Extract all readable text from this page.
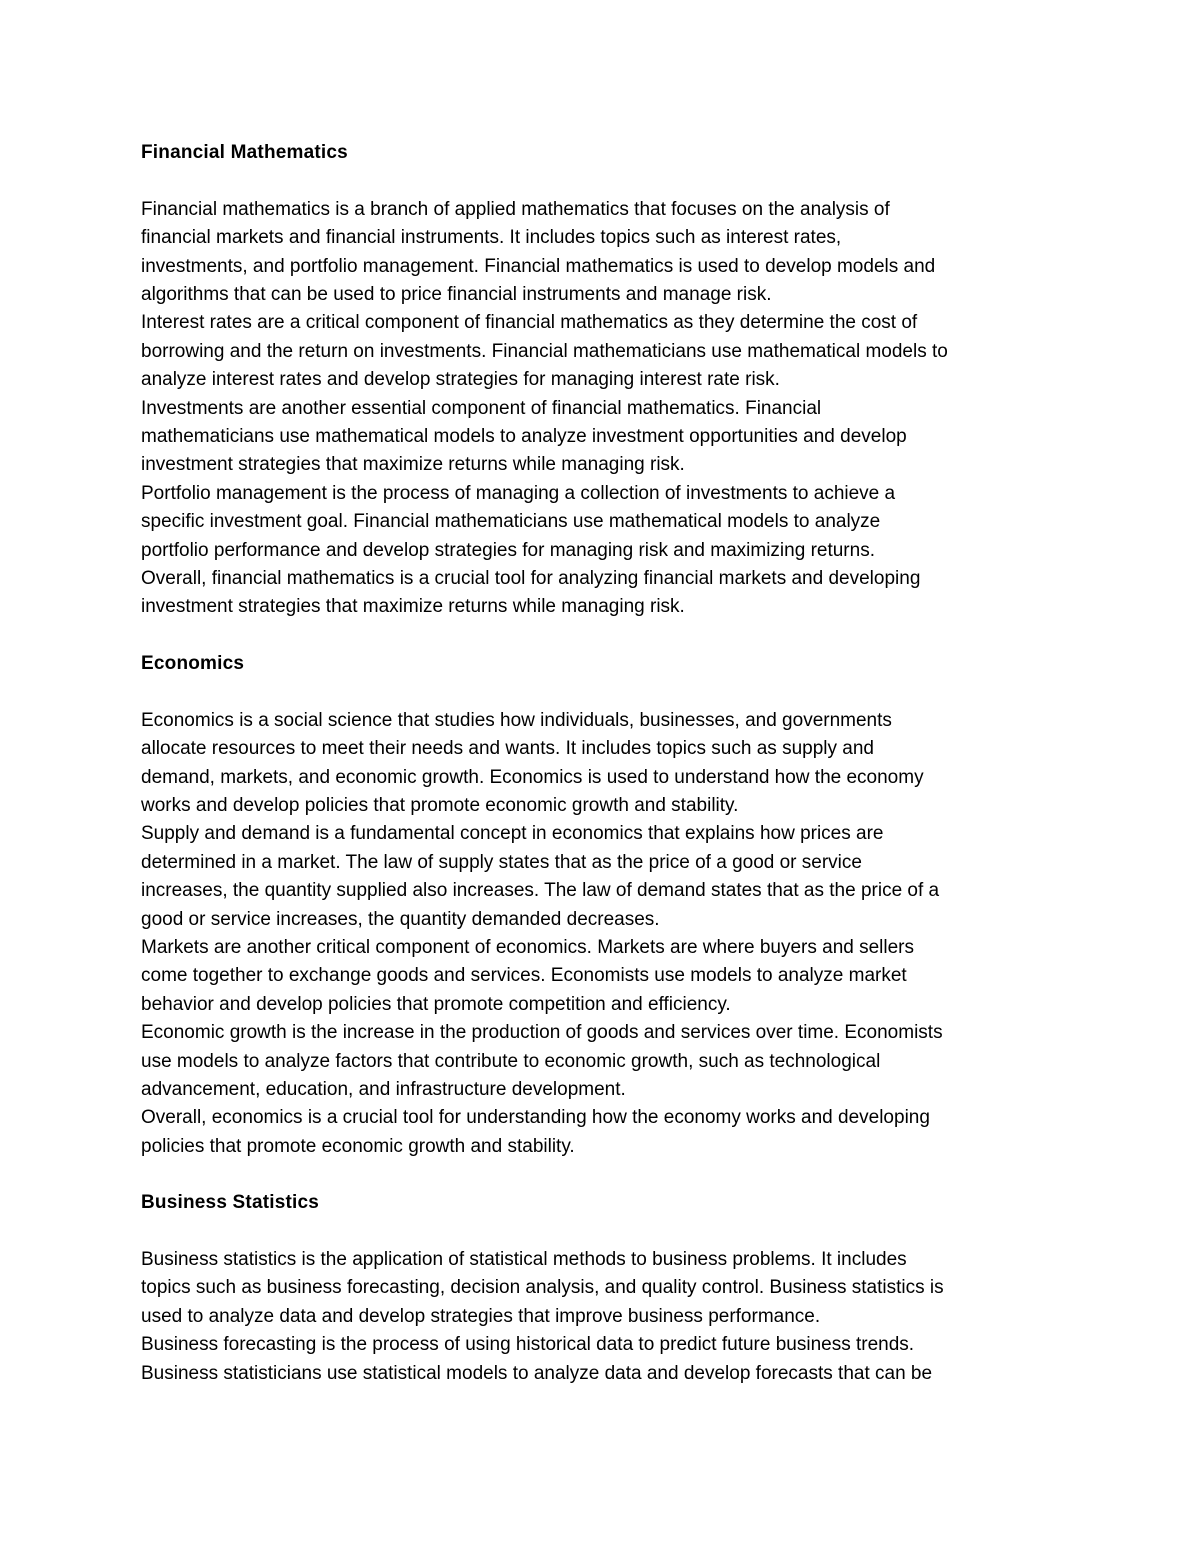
Financial Mathematics
Financial mathematics is a branch of applied mathematics that focuses on the analysis of
financial markets and financial instruments. It includes topics such as interest rates,
investments, and portfolio management. Financial mathematics is used to develop models and
algorithms that can be used to price financial instruments and manage risk.
Interest rates are a critical component of financial mathematics as they determine the cost of
borrowing and the return on investments. Financial mathematicians use mathematical models to
analyze interest rates and develop strategies for managing interest rate risk.
Investments are another essential component of financial mathematics. Financial
mathematicians use mathematical models to analyze investment opportunities and develop
investment strategies that maximize returns while managing risk.
Portfolio management is the process of managing a collection of investments to achieve a
specific investment goal. Financial mathematicians use mathematical models to analyze
portfolio performance and develop strategies for managing risk and maximizing returns.
Overall, financial mathematics is a crucial tool for analyzing financial markets and developing
investment strategies that maximize returns while managing risk.
Economics
Economics is a social science that studies how individuals, businesses, and governments
allocate resources to meet their needs and wants. It includes topics such as supply and
demand, markets, and economic growth. Economics is used to understand how the economy
works and develop policies that promote economic growth and stability.
Supply and demand is a fundamental concept in economics that explains how prices are
determined in a market. The law of supply states that as the price of a good or service
increases, the quantity supplied also increases. The law of demand states that as the price of a
good or service increases, the quantity demanded decreases.
Markets are another critical component of economics. Markets are where buyers and sellers
come together to exchange goods and services. Economists use models to analyze market
behavior and develop policies that promote competition and efficiency.
Economic growth is the increase in the production of goods and services over time. Economists
use models to analyze factors that contribute to economic growth, such as technological
advancement, education, and infrastructure development.
Overall, economics is a crucial tool for understanding how the economy works and developing
policies that promote economic growth and stability.
Business Statistics
Business statistics is the application of statistical methods to business problems. It includes
topics such as business forecasting, decision analysis, and quality control. Business statistics is
used to analyze data and develop strategies that improve business performance.
Business forecasting is the process of using historical data to predict future business trends.
Business statisticians use statistical models to analyze data and develop forecasts that can be
